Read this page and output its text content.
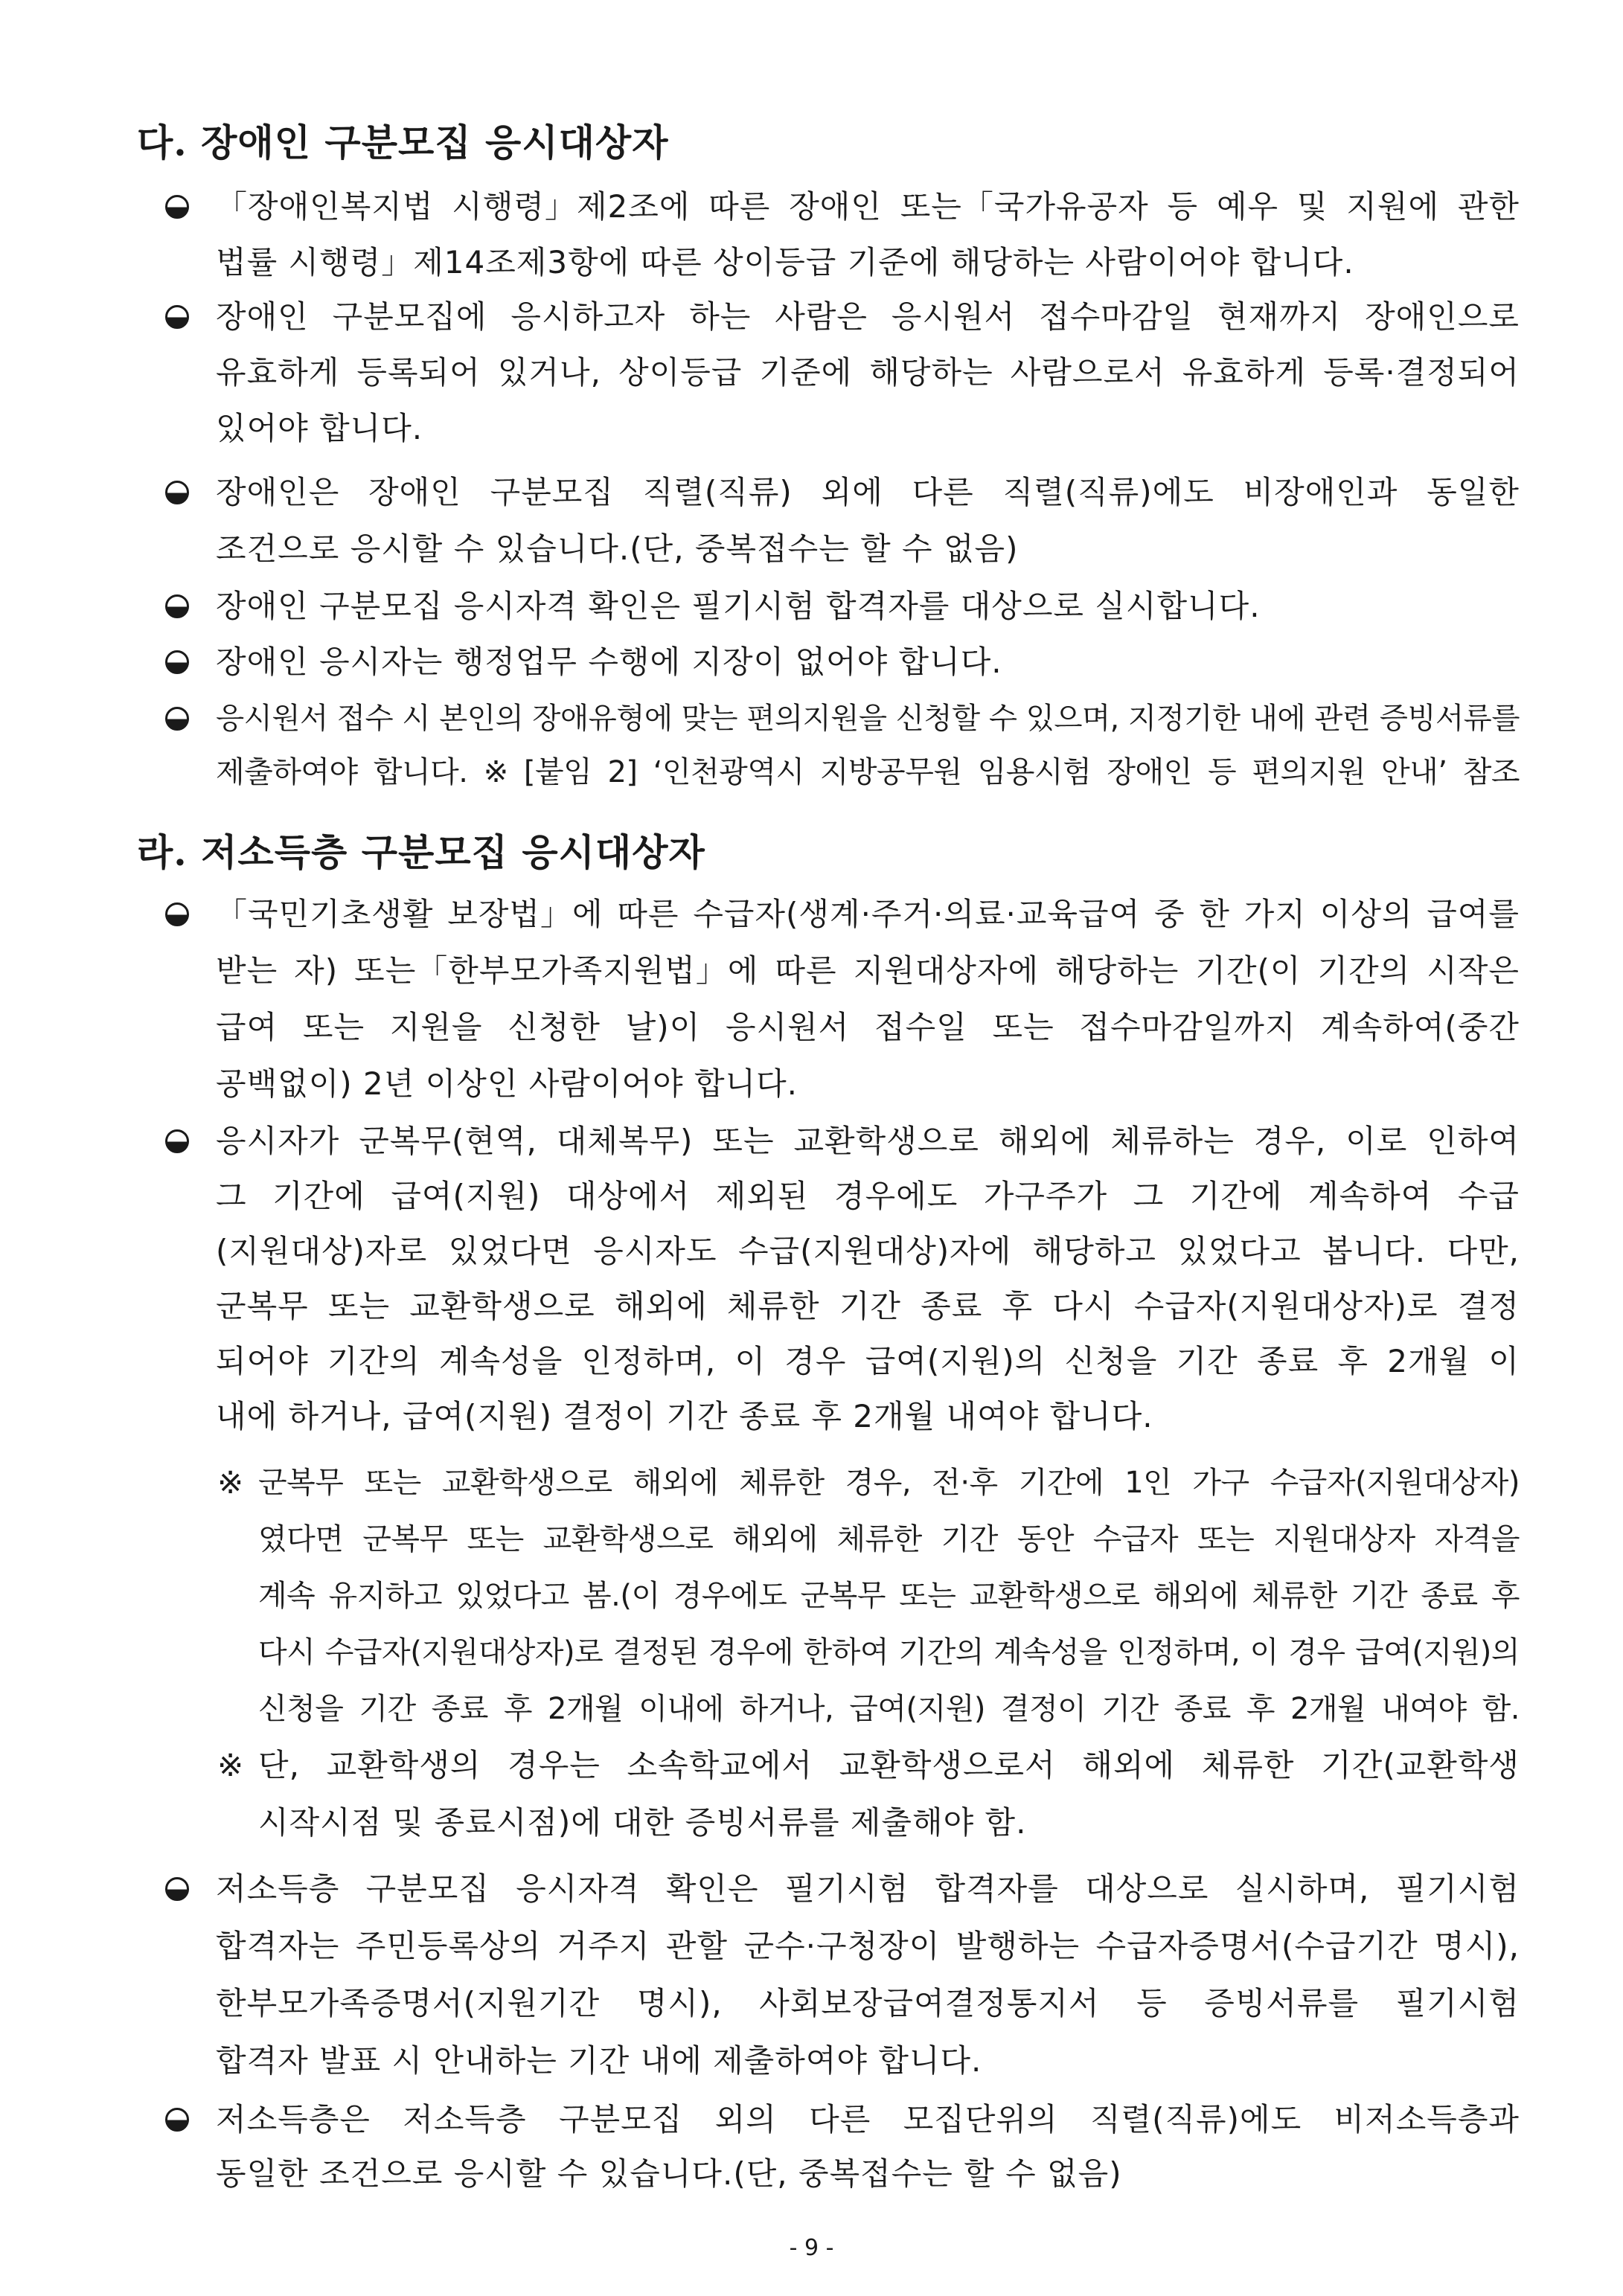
다. 장애인 구분모집 응시대상자
「장애인복지법 시행령」제2조에 따른 장애인 또는「국가유공자 등 예우 및 지원에 관한
법률 시행령」제14조제3항에 따른 상이등급 기준에 해당하는 사람이어야 합니다.
장애인 구분모집에 응시하고자 하는 사람은 응시원서 접수마감일 현재까지 장애인으로
유효하게 등록되어 있거나, 상이등급 기준에 해당하는 사람으로서 유효하게 등록·결정되어
있어야 합니다.
장애인은 장애인 구분모집 직렬(직류) 외에 다른 직렬(직류)에도 비장애인과 동일한
조건으로 응시할 수 있습니다.(단, 중복접수는 할 수 없음)
장애인 구분모집 응시자격 확인은 필기시험 합격자를 대상으로 실시합니다.
장애인 응시자는 행정업무 수행에 지장이 없어야 합니다.
응시원서 접수 시 본인의 장애유형에 맞는 편의지원을 신청할 수 있으며, 지정기한 내에 관련 증빙서류를
제출하여야 합니다. ※ [붙임 2] ‘인천광역시 지방공무원 임용시험 장애인 등 편의지원 안내’ 참조
라. 저소득층 구분모집 응시대상자
「국민기초생활 보장법」에 따른 수급자(생계·주거·의료·교육급여 중 한 가지 이상의 급여를
받는 자) 또는「한부모가족지원법」에 따른 지원대상자에 해당하는 기간(이 기간의 시작은
급여 또는 지원을 신청한 날)이 응시원서 접수일 또는 접수마감일까지 계속하여(중간
공백없이) 2년 이상인 사람이어야 합니다.
응시자가 군복무(현역, 대체복무) 또는 교환학생으로 해외에 체류하는 경우, 이로 인하여
그 기간에 급여(지원) 대상에서 제외된 경우에도 가구주가 그 기간에 계속하여 수급
(지원대상)자로 있었다면 응시자도 수급(지원대상)자에 해당하고 있었다고 봅니다. 다만,
군복무 또는 교환학생으로 해외에 체류한 기간 종료 후 다시 수급자(지원대상자)로 결정
되어야 기간의 계속성을 인정하며, 이 경우 급여(지원)의 신청을 기간 종료 후 2개월 이
내에 하거나, 급여(지원) 결정이 기간 종료 후 2개월 내여야 합니다.
※ 군복무 또는 교환학생으로 해외에 체류한 경우, 전·후 기간에 1인 가구 수급자(지원대상자)
였다면 군복무 또는 교환학생으로 해외에 체류한 기간 동안 수급자 또는 지원대상자 자격을
계속 유지하고 있었다고 봄.(이 경우에도 군복무 또는 교환학생으로 해외에 체류한 기간 종료 후
다시 수급자(지원대상자)로 결정된 경우에 한하여 기간의 계속성을 인정하며, 이 경우 급여(지원)의
신청을 기간 종료 후 2개월 이내에 하거나, 급여(지원) 결정이 기간 종료 후 2개월 내여야 함.
※ 단, 교환학생의 경우는 소속학교에서 교환학생으로서 해외에 체류한 기간(교환학생
시작시점 및 종료시점)에 대한 증빙서류를 제출해야 함.
저소득층 구분모집 응시자격 확인은 필기시험 합격자를 대상으로 실시하며, 필기시험
합격자는 주민등록상의 거주지 관할 군수·구청장이 발행하는 수급자증명서(수급기간 명시),
한부모가족증명서(지원기간 명시), 사회보장급여결정통지서 등 증빙서류를 필기시험
합격자 발표 시 안내하는 기간 내에 제출하여야 합니다.
저소득층은 저소득층 구분모집 외의 다른 모집단위의 직렬(직류)에도 비저소득층과
동일한 조건으로 응시할 수 있습니다.(단, 중복접수는 할 수 없음)
- 9 -
